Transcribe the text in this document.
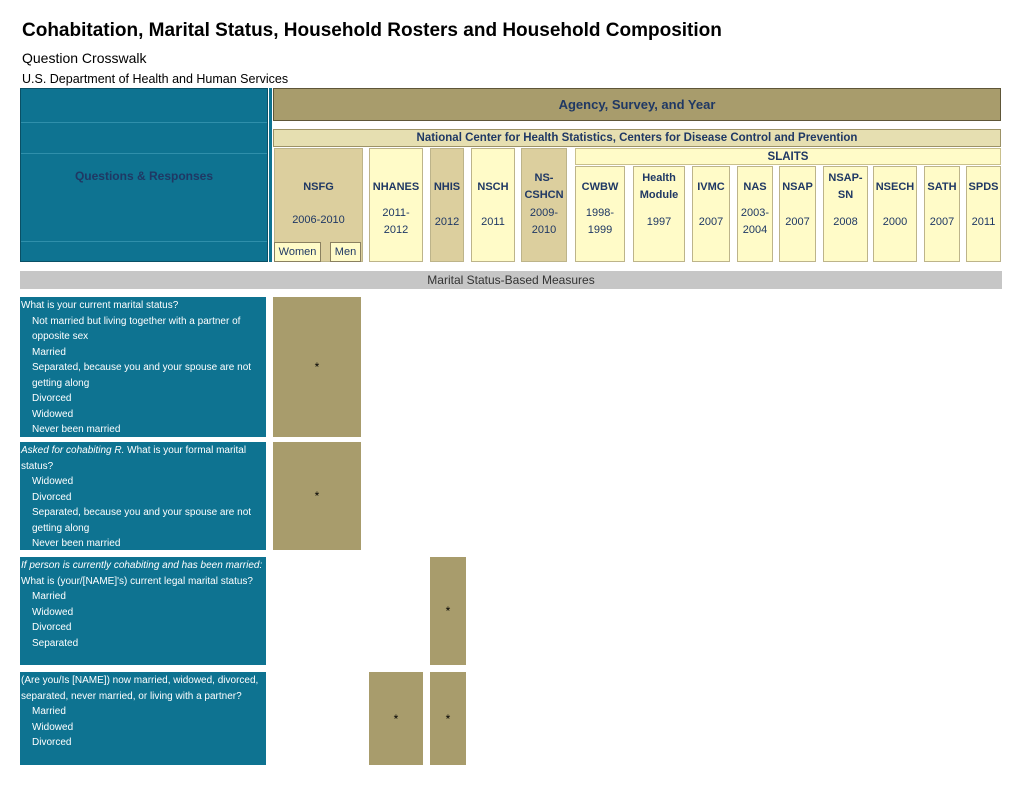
Cohabitation, Marital Status, Household Rosters and Household Composition
Question Crosswalk
U.S. Department of Health and Human Services
Questions & Responses
Agency, Survey, and Year
National Center for Health Statistics, Centers for Disease Control and Prevention
SLAITS
NSFG
2006-2010
NHANES
2011-
2012
NHIS
2012
NSCH
2011
NS-
CSHCN
2009-
2010
CWBW
1998-
1999
Health
Module
1997
IVMC
2007
NAS
2003-
2004
NSAP
2007
NSAP-
SN
2008
NSECH
2000
SATH
2007
SPDS
2011
Women	Men
Marital Status-Based Measures
What is your current marital status?
Not married but living together with a partner of
opposite sex
Married
Separated, because you and your spouse are not
getting along
Divorced
Widowed
Never been married
*
Asked for cohabiting R. What is your formal marital status?
Widowed
Divorced
Separated, because you and your spouse are not
getting along
Never been married
*
If person is currently cohabiting and has been married: What is (your/[NAME]'s) current legal marital status?
Married
Widowed
Divorced
Separated
*
(Are you/Is [NAME]) now married, widowed, divorced, separated, never married, or living with a partner?
Married
Widowed
Divorced
*	*
